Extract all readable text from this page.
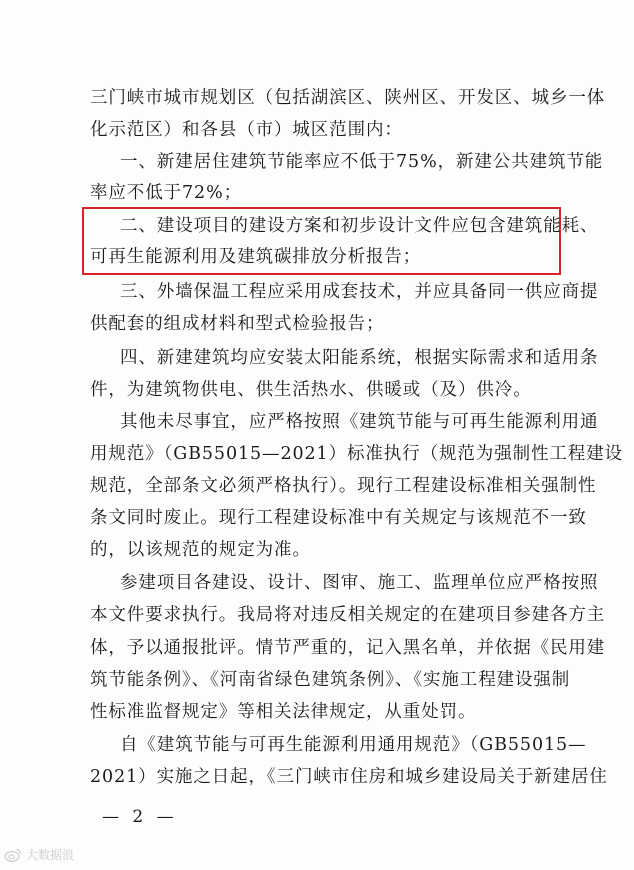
三门峡市城市规划区（包括湖滨区、陕州区、开发区、城乡一体
化示范区）和各县（市）城区范围内：
一、新建居住建筑节能率应不低于75%，新建公共建筑节能
率应不低于72%；
二、建设项目的建设方案和初步设计文件应包含建筑能耗、
可再生能源利用及建筑碳排放分析报告；
三、外墙保温工程应采用成套技术，并应具备同一供应商提
供配套的组成材料和型式检验报告；
四、新建建筑均应安装太阳能系统，根据实际需求和适用条
件，为建筑物供电、供生活热水、供暖或（及）供冷。
其他未尽事宜，应严格按照《建筑节能与可再生能源利用通
用规范》（GB55015—2021）标准执行（规范为强制性工程建设
规范，全部条文必须严格执行）。现行工程建设标准相关强制性
条文同时废止。现行工程建设标准中有关规定与该规范不一致
的，以该规范的规定为准。
参建项目各建设、设计、图审、施工、监理单位应严格按照
本文件要求执行。我局将对违反相关规定的在建项目参建各方主
体，予以通报批评。情节严重的，记入黑名单，并依据《民用建
筑节能条例》、《河南省绿色建筑条例》、《实施工程建设强制
性标准监督规定》等相关法律规定，从重处罚。
自《建筑节能与可再生能源利用通用规范》（GB55015—
2021）实施之日起，《三门峡市住房和城乡建设局关于新建居住
— 2 —
大数据浪
